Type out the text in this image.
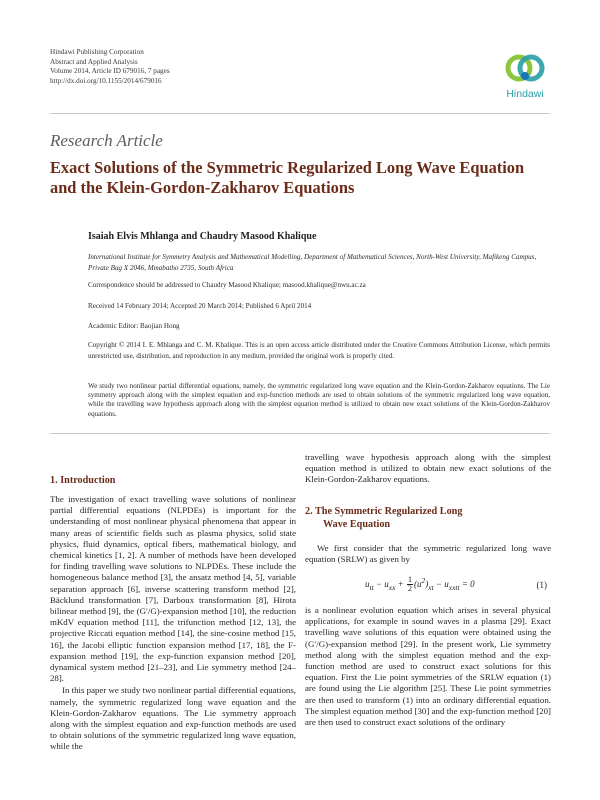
Hindawi Publishing Corporation
Abstract and Applied Analysis
Volume 2014, Article ID 679016, 7 pages
http://dx.doi.org/10.1155/2014/679016
Hindawi
Research Article
Exact Solutions of the Symmetric Regularized Long Wave Equation and the Klein-Gordon-Zakharov Equations
Isaiah Elvis Mhlanga and Chaudry Masood Khalique
International Institute for Symmetry Analysis and Mathematical Modelling, Department of Mathematical Sciences, North-West University, Mafikeng Campus, Private Bag X 2046, Mmabatho 2735, South Africa
Correspondence should be addressed to Chaudry Masood Khalique; masood.khalique@nwu.ac.za
Received 14 February 2014; Accepted 20 March 2014; Published 6 April 2014
Academic Editor: Baojian Hong
Copyright © 2014 I. E. Mhlanga and C. M. Khalique. This is an open access article distributed under the Creative Commons Attribution License, which permits unrestricted use, distribution, and reproduction in any medium, provided the original work is properly cited.
We study two nonlinear partial differential equations, namely, the symmetric regularized long wave equation and the Klein-Gordon-Zakharov equations. The Lie symmetry approach along with the simplest equation and exp-function methods are used to obtain solutions of the symmetric regularized long wave equation, while the travelling wave hypothesis approach along with the simplest equation method is utilized to obtain new exact solutions of the Klein-Gordon-Zakharov equations.
1. Introduction

The investigation of exact travelling wave solutions of nonlinear partial differential equations (NLPDEs) is important for the understanding of most nonlinear physical phenomena that appear in many areas of scientific fields such as plasma physics, solid state physics, fluid dynamics, optical fibers, mathematical biology, and chemical kinetics [1, 2]. A number of methods have been developed for finding travelling wave solutions to NLPDEs. These include the homogeneous balance method [3], the ansatz method [4, 5], variable separation approach [6], inverse scattering transform method [2], Bäcklund transformation [7], Darboux transformation [8], Hirota bilinear method [9], the (G′/G)-expansion method [10], the reduction mKdV equation method [11], the trifunction method [12, 13], the projective Riccati equation method [14], the sine-cosine method [15, 16], the Jacobi elliptic function expansion method [17, 18], the F-expansion method [19], the exp-function expansion method [20], dynamical system method [21–23], and Lie symmetry method [24–28].

In this paper we study two nonlinear partial differential equations, namely, the symmetric regularized long wave equation and the Klein-Gordon-Zakharov equations. The Lie symmetry approach along with the simplest equation and exp-function methods are used to obtain solutions of the symmetric regularized long wave equation, while the

travelling wave hypothesis approach along with the simplest equation method is utilized to obtain new exact solutions of the Klein-Gordon-Zakharov equations.

2. The Symmetric Regularized Long
Wave Equation

We first consider that the symmetric regularized long wave equation (SRLW) as given by

$u_{tt} - u_{xx} + \frac{1}{2} (u^2)_{xt} - u_{xxtt} = 0$	(1)

is a nonlinear evolution equation which arises in several physical applications, for example in sound waves in a plasma [29]. Exact travelling wave solutions of this equation were obtained using the (G′/G)-expansion method [29]. In the present work, Lie symmetry method along with the simplest equation method and the exp-function method are used to construct exact solutions for this equation. First the Lie point symmetries of the SRLW equation (1) are found using the Lie algorithm [25]. These Lie point symmetries are then used to transform (1) into an ordinary differential equation. The simplest equation method [30] and the exp-function method [20] are then used to construct exact solutions of the ordinary
